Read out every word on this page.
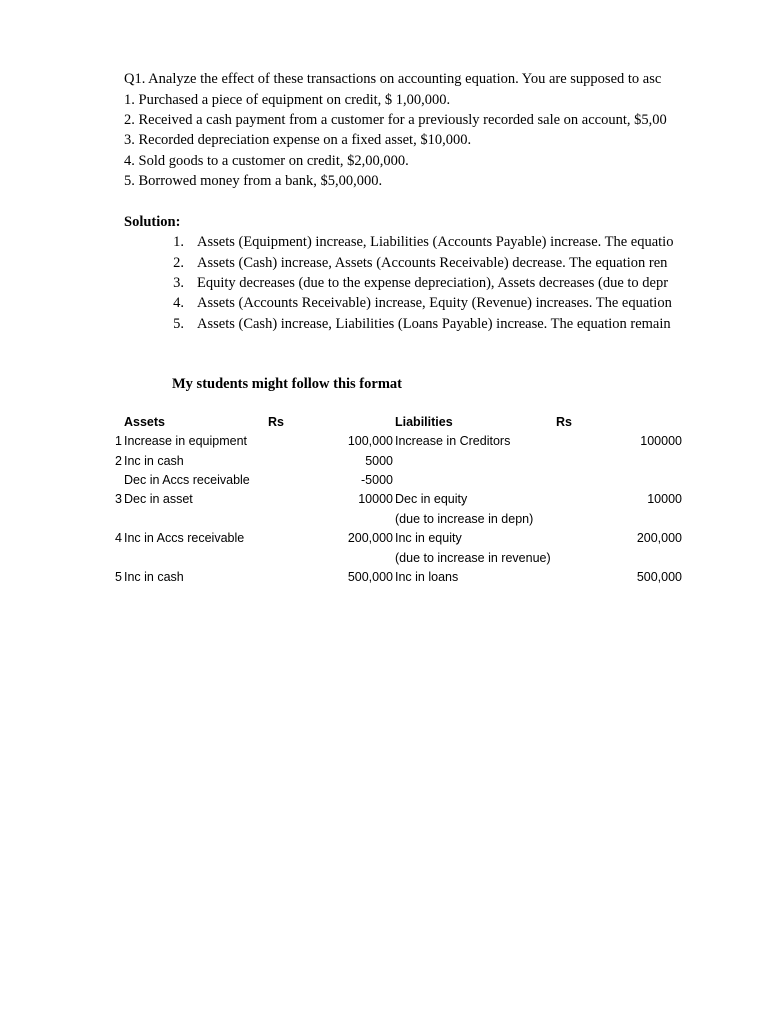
Q1. Analyze the effect of these transactions on accounting equation. You are supposed to asc
1. Purchased a piece of equipment on credit, $ 1,00,000.
2. Received a cash payment from a customer for a previously recorded sale on account, $5,00
3. Recorded depreciation expense on a fixed asset, $10,000.
4. Sold goods to a customer on credit, $2,00,000.
5. Borrowed money from a bank, $5,00,000.
Solution:
1. Assets (Equipment) increase, Liabilities (Accounts Payable) increase. The equatio
2. Assets (Cash) increase, Assets (Accounts Receivable) decrease. The equation ren
3. Equity decreases (due to the expense depreciation), Assets decreases (due to depr
4. Assets (Accounts Receivable) increase, Equity (Revenue) increases. The equation
5. Assets (Cash) increase, Liabilities (Loans Payable) increase. The equation remain
My students might follow this format
Assets	Rs	Liabilities	Rs
1 Increase in equipment	100,000 Increase in Creditors	100000
2 Inc in cash	5000
Dec in Accs receivable	-5000
3 Dec in asset	10000 Dec in equity	10000
(due to increase in depn)
4 Inc in Accs receivable	200,000 Inc in equity	200,000
(due to increase in revenue)
5 Inc in cash	500,000 Inc in loans	500,000
